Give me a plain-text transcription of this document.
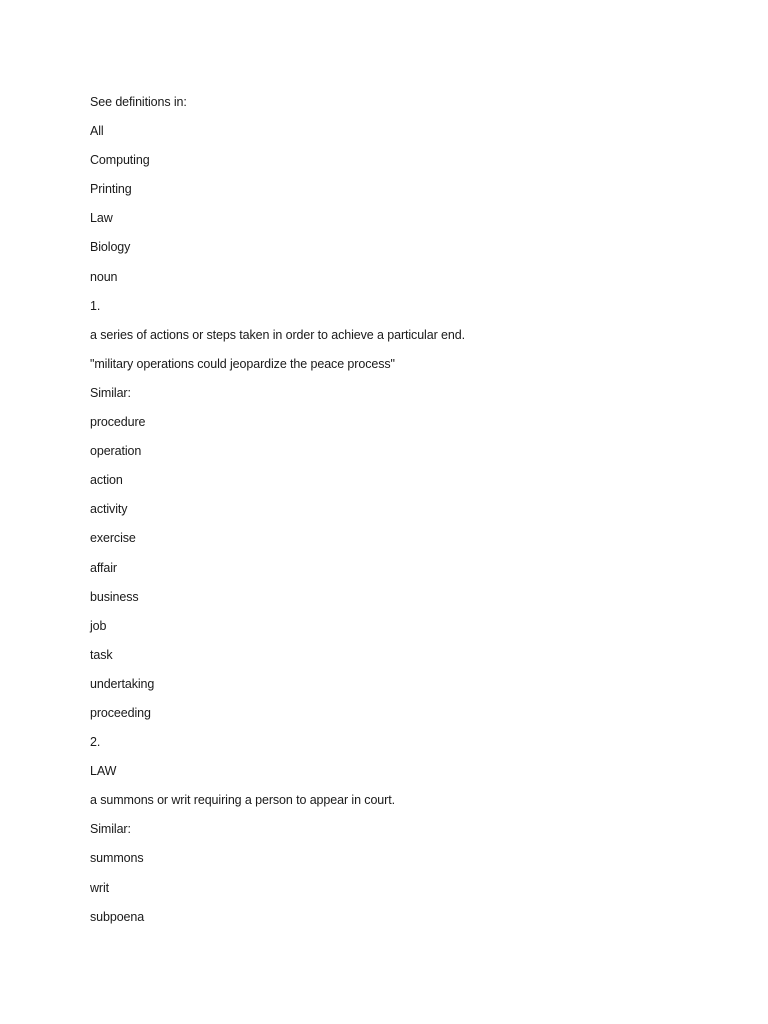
See definitions in:
All
Computing
Printing
Law
Biology
noun
1.
a series of actions or steps taken in order to achieve a particular end.
"military operations could jeopardize the peace process"
Similar:
procedure
operation
action
activity
exercise
affair
business
job
task
undertaking
proceeding
2.
LAW
a summons or writ requiring a person to appear in court.
Similar:
summons
writ
subpoena
